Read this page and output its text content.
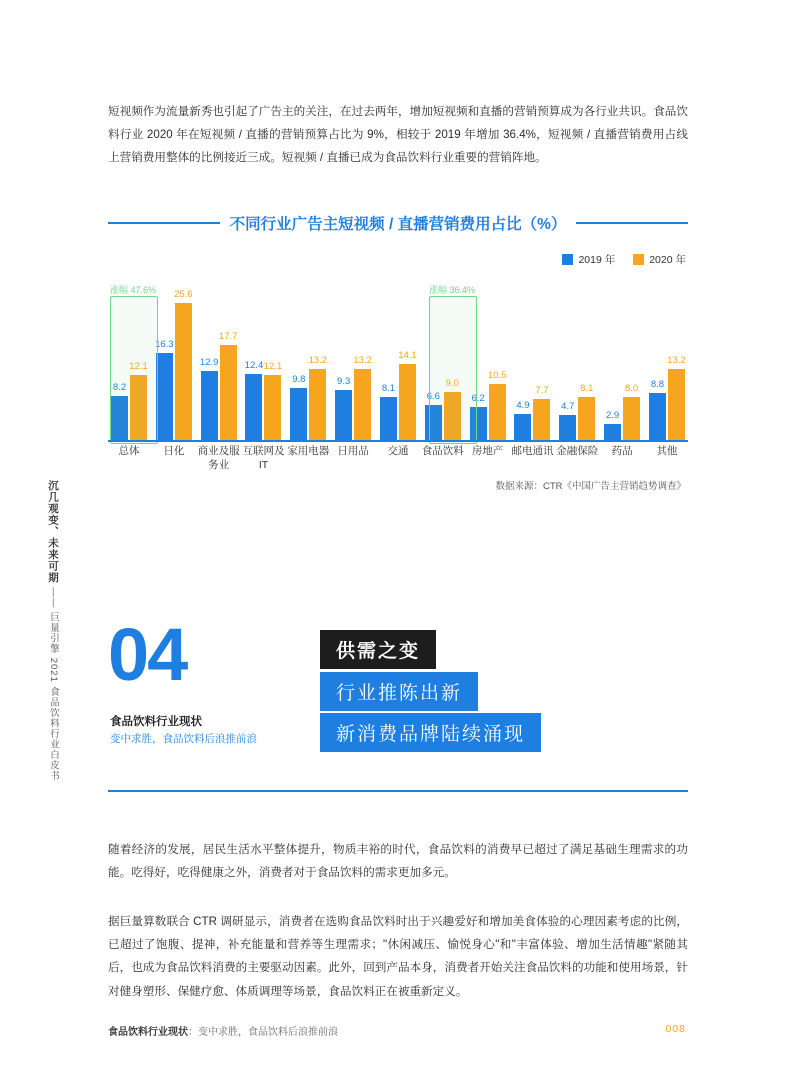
沉几观变、未来可期 —— 巨量引擎 2021 食品饮料行业白皮书
短视频作为流量新秀也引起了广告主的关注，在过去两年，增加短视频和直播的营销预算成为各行业共识。食品饮料行业 2020 年在短视频 / 直播的营销预算占比为 9%，相较于 2019 年增加 36.4%，短视频 / 直播营销费用占线上营销费用整体的比例接近三成。短视频 / 直播已成为食品饮料行业重要的营销阵地。
不同行业广告主短视频 / 直播营销费用占比（%）
2019 年	2020 年
8.2
12.1
16.3
25.6
12.9
17.7
12.4 12.1
9.8
13.2
9.3
13.2
8.1
14.1
6.6
9.0
6.2
10.5
4.9
7.7
4.7
8.1
2.9
8.0 8.8
13.2
涨幅 47.6%	涨幅 36.4%
总体	日化	商业及服务业
互联网及
IT
家用电器 日用品	交通	食品饮料 房地产 邮电通讯 金融保险	药品	其他
数据来源：CTR《中国广告主营销趋势调查》
04
食品饮料行业现状
变中求胜，食品饮料后浪推前浪
供需之变
行业推陈出新
新消费品牌陆续涌现
随着经济的发展，居民生活水平整体提升，物质丰裕的时代，食品饮料的消费早已超过了满足基础生理需求的功能。吃得好，吃得健康之外，消费者对于食品饮料的需求更加多元。
据巨量算数联合 CTR 调研显示，消费者在选购食品饮料时出于兴趣爱好和增加美食体验的心理因素考虑的比例，已超过了饱腹、提神，补充能量和营养等生理需求；"休闲减压、愉悦身心"和"丰富体验、增加生活情趣"紧随其后，也成为食品饮料消费的主要驱动因素。此外，回到产品本身，消费者开始关注食品饮料的功能和使用场景，针对健身塑形、保健疗愈、体质调理等场景，食品饮料正在被重新定义。
食品饮料行业现状：变中求胜，食品饮料后浪推前浪	008
